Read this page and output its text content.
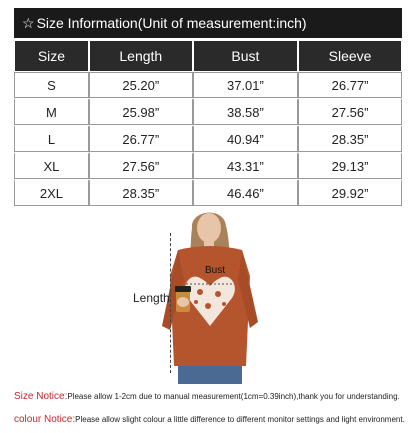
☆ Size Information(Unit of measurement:inch)
Size	Length	Bust	Sleeve
S	25.20”	37.01”	26.77”
M	25.98”	38.58”	27.56”
L	26.77”	40.94”	28.35”
XL	27.56”	43.31”	29.13”
2XL	28.35”	46.46”	29.92”
Length
Bust
Size Notice:Please allow 1-2cm due to manual measurement(1cm=0.39inch),thank you for understanding.
colour Notice:Please allow slight colour a little difference to different monitor settings and light environment.
